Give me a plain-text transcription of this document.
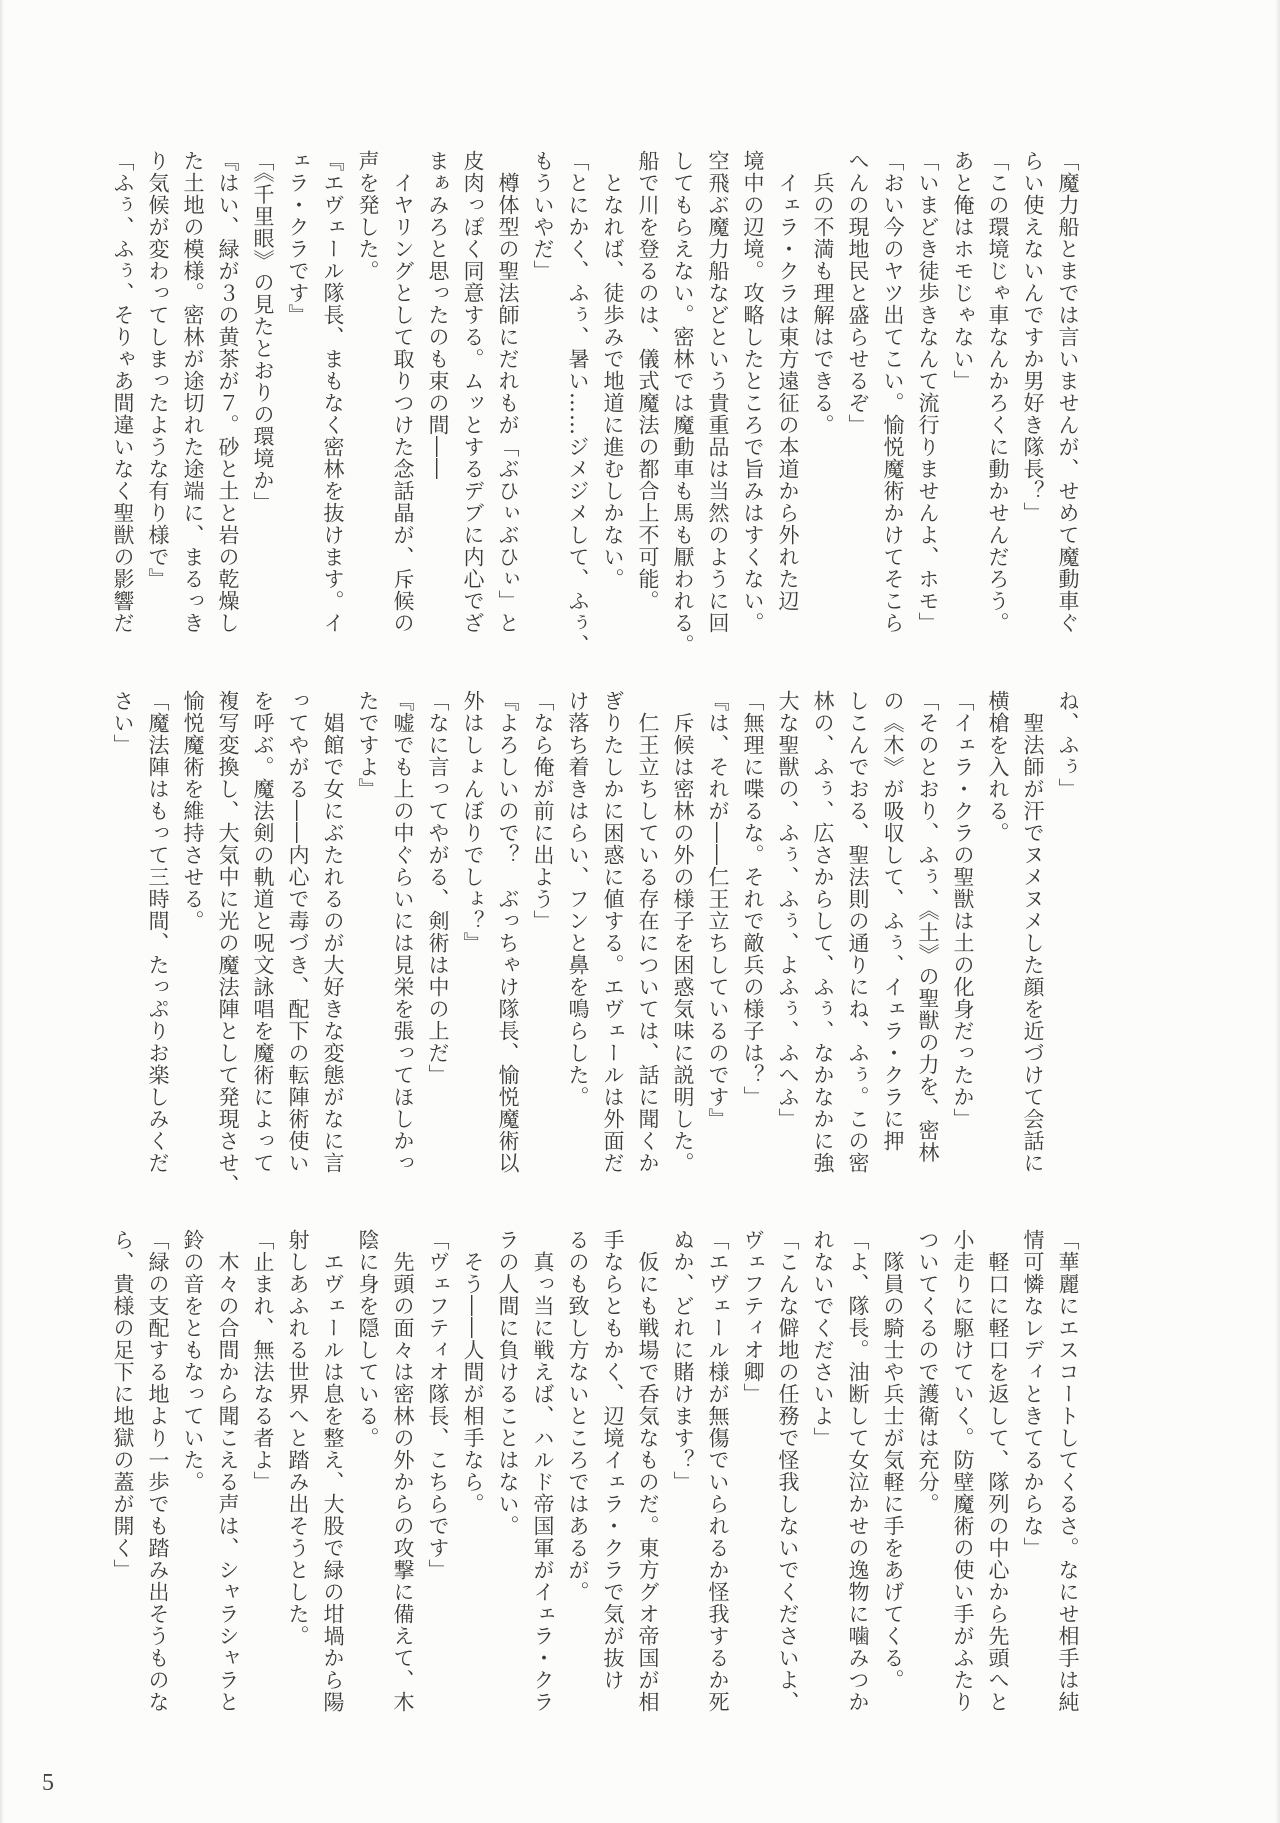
「魔力船とまでは言いませんが、せめて魔動車ぐ
らい使えないんですか男好き隊長？」
「この環境じゃ車なんかろくに動かせんだろう。
あと俺はホモじゃない」
「いまどき徒歩きなんて流行りませんよ、ホモ」
「おい今のヤツ出てこい。愉悦魔術かけてそこら
へんの現地民と盛らせるぞ」
　兵の不満も理解はできる。
　イェラ・クラは東方遠征の本道から外れた辺
境中の辺境。攻略したところで旨みはすくない。
空飛ぶ魔力船などという貴重品は当然のように回
してもらえない。密林では魔動車も馬も厭われる。
船で川を登るのは、儀式魔法の都合上不可能。
　となれば、徒歩みで地道に進むしかない。
「とにかく、ふぅ、暑い……ジメジメして、ふぅ、
もういやだ」
　樽体型の聖法師にだれもが「ぶひぃぶひぃ」と
皮肉っぽく同意する。ムッとするデブに内心でざ
まぁみろと思ったのも束の間――
　イヤリングとして取りつけた念話晶が、斥候の
声を発した。
『エヴェール隊長、まもなく密林を抜けます。イ
ェラ・クラです』
「《千里眼》の見たとおりの環境か」
『はい、緑が３の黄茶が７。砂と土と岩の乾燥し
た土地の模様。密林が途切れた途端に、まるっき
り気候が変わってしまったような有り様で』
「ふぅ、ふぅ、そりゃあ間違いなく聖獣の影響だ
ね、ふぅ」
　聖法師が汗でヌメヌメした顔を近づけて会話に
横槍を入れる。
「イェラ・クラの聖獣は土の化身だったか」
「そのとおり、ふぅ、《土》の聖獣の力を、密林
の《木》が吸収して、ふぅ、イェラ・クラに押
しこんでおる、聖法則の通りにね、ふぅ。この密
林の、ふぅ、広さからして、ふぅ、なかなかに強
大な聖獣の、ふぅ、ふぅ、よふぅ、ふへふ」
「無理に喋るな。それで敵兵の様子は？」
『は、それが――仁王立ちしているのです』
　斥候は密林の外の様子を困惑気味に説明した。
　仁王立ちしている存在については、話に聞くか
ぎりたしかに困惑に値する。エヴェールは外面だ
け落ち着きはらい、フンと鼻を鳴らした。
「なら俺が前に出よう」
『よろしいので？　ぶっちゃけ隊長、愉悦魔術以
外はしょんぼりでしょ？』
「なに言ってやがる、剣術は中の上だ」
『嘘でも上の中ぐらいには見栄を張ってほしかっ
たですよ』
　娼館で女にぶたれるのが大好きな変態がなに言
ってやがる――内心で毒づき、配下の転陣術使い
を呼ぶ。魔法剣の軌道と呪文詠唱を魔術によって
複写変換し、大気中に光の魔法陣として発現させ、
愉悦魔術を維持させる。
「魔法陣はもって三時間、たっぷりお楽しみくだ
さい」
「華麗にエスコートしてくるさ。なにせ相手は純
情可憐なレディときてるからな」
　軽口に軽口を返して、隊列の中心から先頭へと
小走りに駆けていく。防壁魔術の使い手がふたり
ついてくるので護衛は充分。
　隊員の騎士や兵士が気軽に手をあげてくる。
「よ、隊長。油断して女泣かせの逸物に噛みつか
れないでくださいよ」
「こんな僻地の任務で怪我しないでくださいよ、
ヴェフティオ卿」
「エヴェール様が無傷でいられるか怪我するか死
ぬか、どれに賭けます？」
　仮にも戦場で呑気なものだ。東方グオ帝国が相
手ならともかく、辺境イェラ・クラで気が抜け
るのも致し方ないところではあるが。
　真っ当に戦えば、ハルド帝国軍がイェラ・クラ
ラの人間に負けることはない。
　そう――人間が相手なら。
「ヴェフティオ隊長、こちらです」
　先頭の面々は密林の外からの攻撃に備えて、木
陰に身を隠している。
　エヴェールは息を整え、大股で緑の坩堝から陽
射しあふれる世界へと踏み出そうとした。
「止まれ、無法なる者よ」
　木々の合間から聞こえる声は、シャラシャラと
鈴の音をともなっていた。
「緑の支配する地より一歩でも踏み出そうものな
ら、貴様の足下に地獄の蓋が開く」
5
